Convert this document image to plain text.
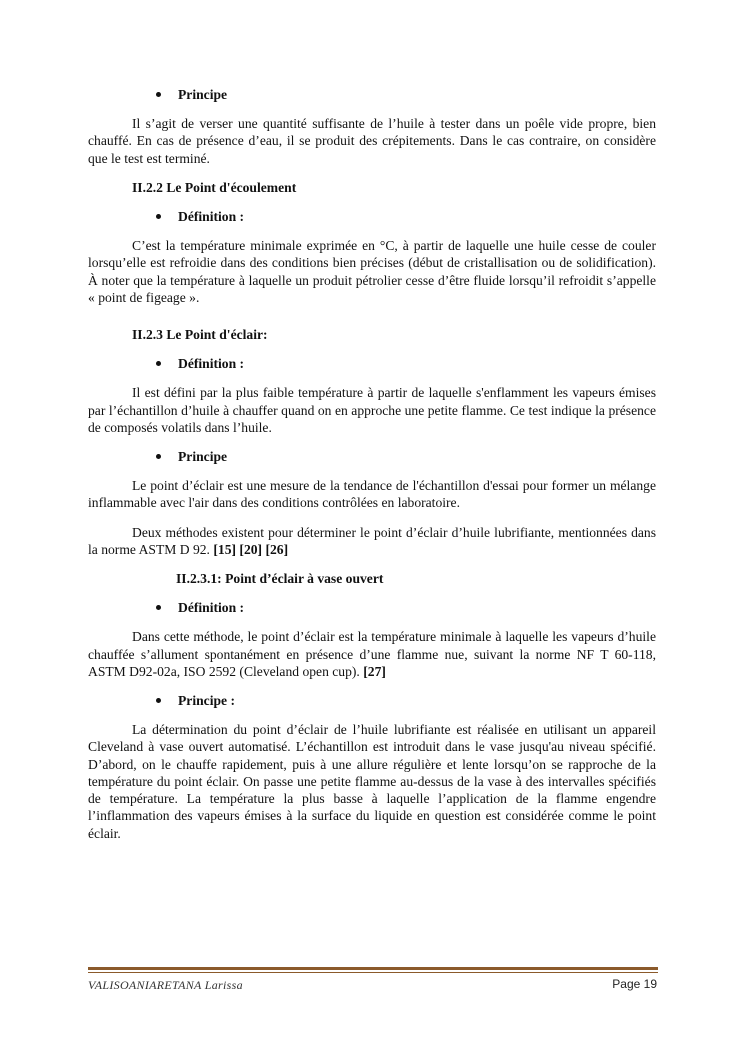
Principe

Il s’agit de verser une quantité suffisante de l’huile à tester dans un poêle vide propre, bien chauffé. En cas de présence d’eau, il se produit des crépitements. Dans le cas contraire, on considère que le test est terminé.

II.2.2 Le Point d'écoulement

Définition :

C’est la température minimale exprimée en °C, à partir de laquelle une huile cesse de couler lorsqu’elle est refroidie dans des conditions bien précises (début de cristallisation ou de solidification). À noter que la température à laquelle un produit pétrolier cesse d’être fluide lorsqu’il refroidit s’appelle « point de figeage ».

II.2.3 Le Point d'éclair:

Définition :

Il est défini par la plus faible température à partir de laquelle s'enflamment les vapeurs émises par l’échantillon d’huile à chauffer quand on en approche une petite flamme. Ce test indique la présence de composés volatils dans l’huile.

Principe

Le point d’éclair est une mesure de la tendance de l'échantillon d'essai pour former un mélange inflammable avec l'air dans des conditions contrôlées en laboratoire.

Deux méthodes existent pour déterminer le point d’éclair d’huile lubrifiante, mentionnées dans la norme ASTM D 92. [15] [20] [26]

II.2.3.1: Point d’éclair à vase ouvert

Définition :

Dans cette méthode, le point d’éclair est la température minimale à laquelle les vapeurs d’huile chauffée s’allument spontanément en présence d’une flamme nue, suivant la norme NF T 60-118, ASTM D92-02a, ISO 2592 (Cleveland open cup). [27]

Principe :

La détermination du point d’éclair de l’huile lubrifiante est réalisée en utilisant un appareil Cleveland à vase ouvert automatisé. L’échantillon est introduit dans le vase jusqu'au niveau spécifié. D’abord, on le chauffe rapidement, puis à une allure régulière et lente lorsqu’on se rapproche de la température du point éclair. On passe une petite flamme au-dessus de la vase à des intervalles spécifiés de température. La température la plus basse à laquelle l’application de la flamme engendre l’inflammation des vapeurs émises à la surface du liquide en question est considérée comme le point éclair.

VALISOANIARETANA Larissa	Page 19
